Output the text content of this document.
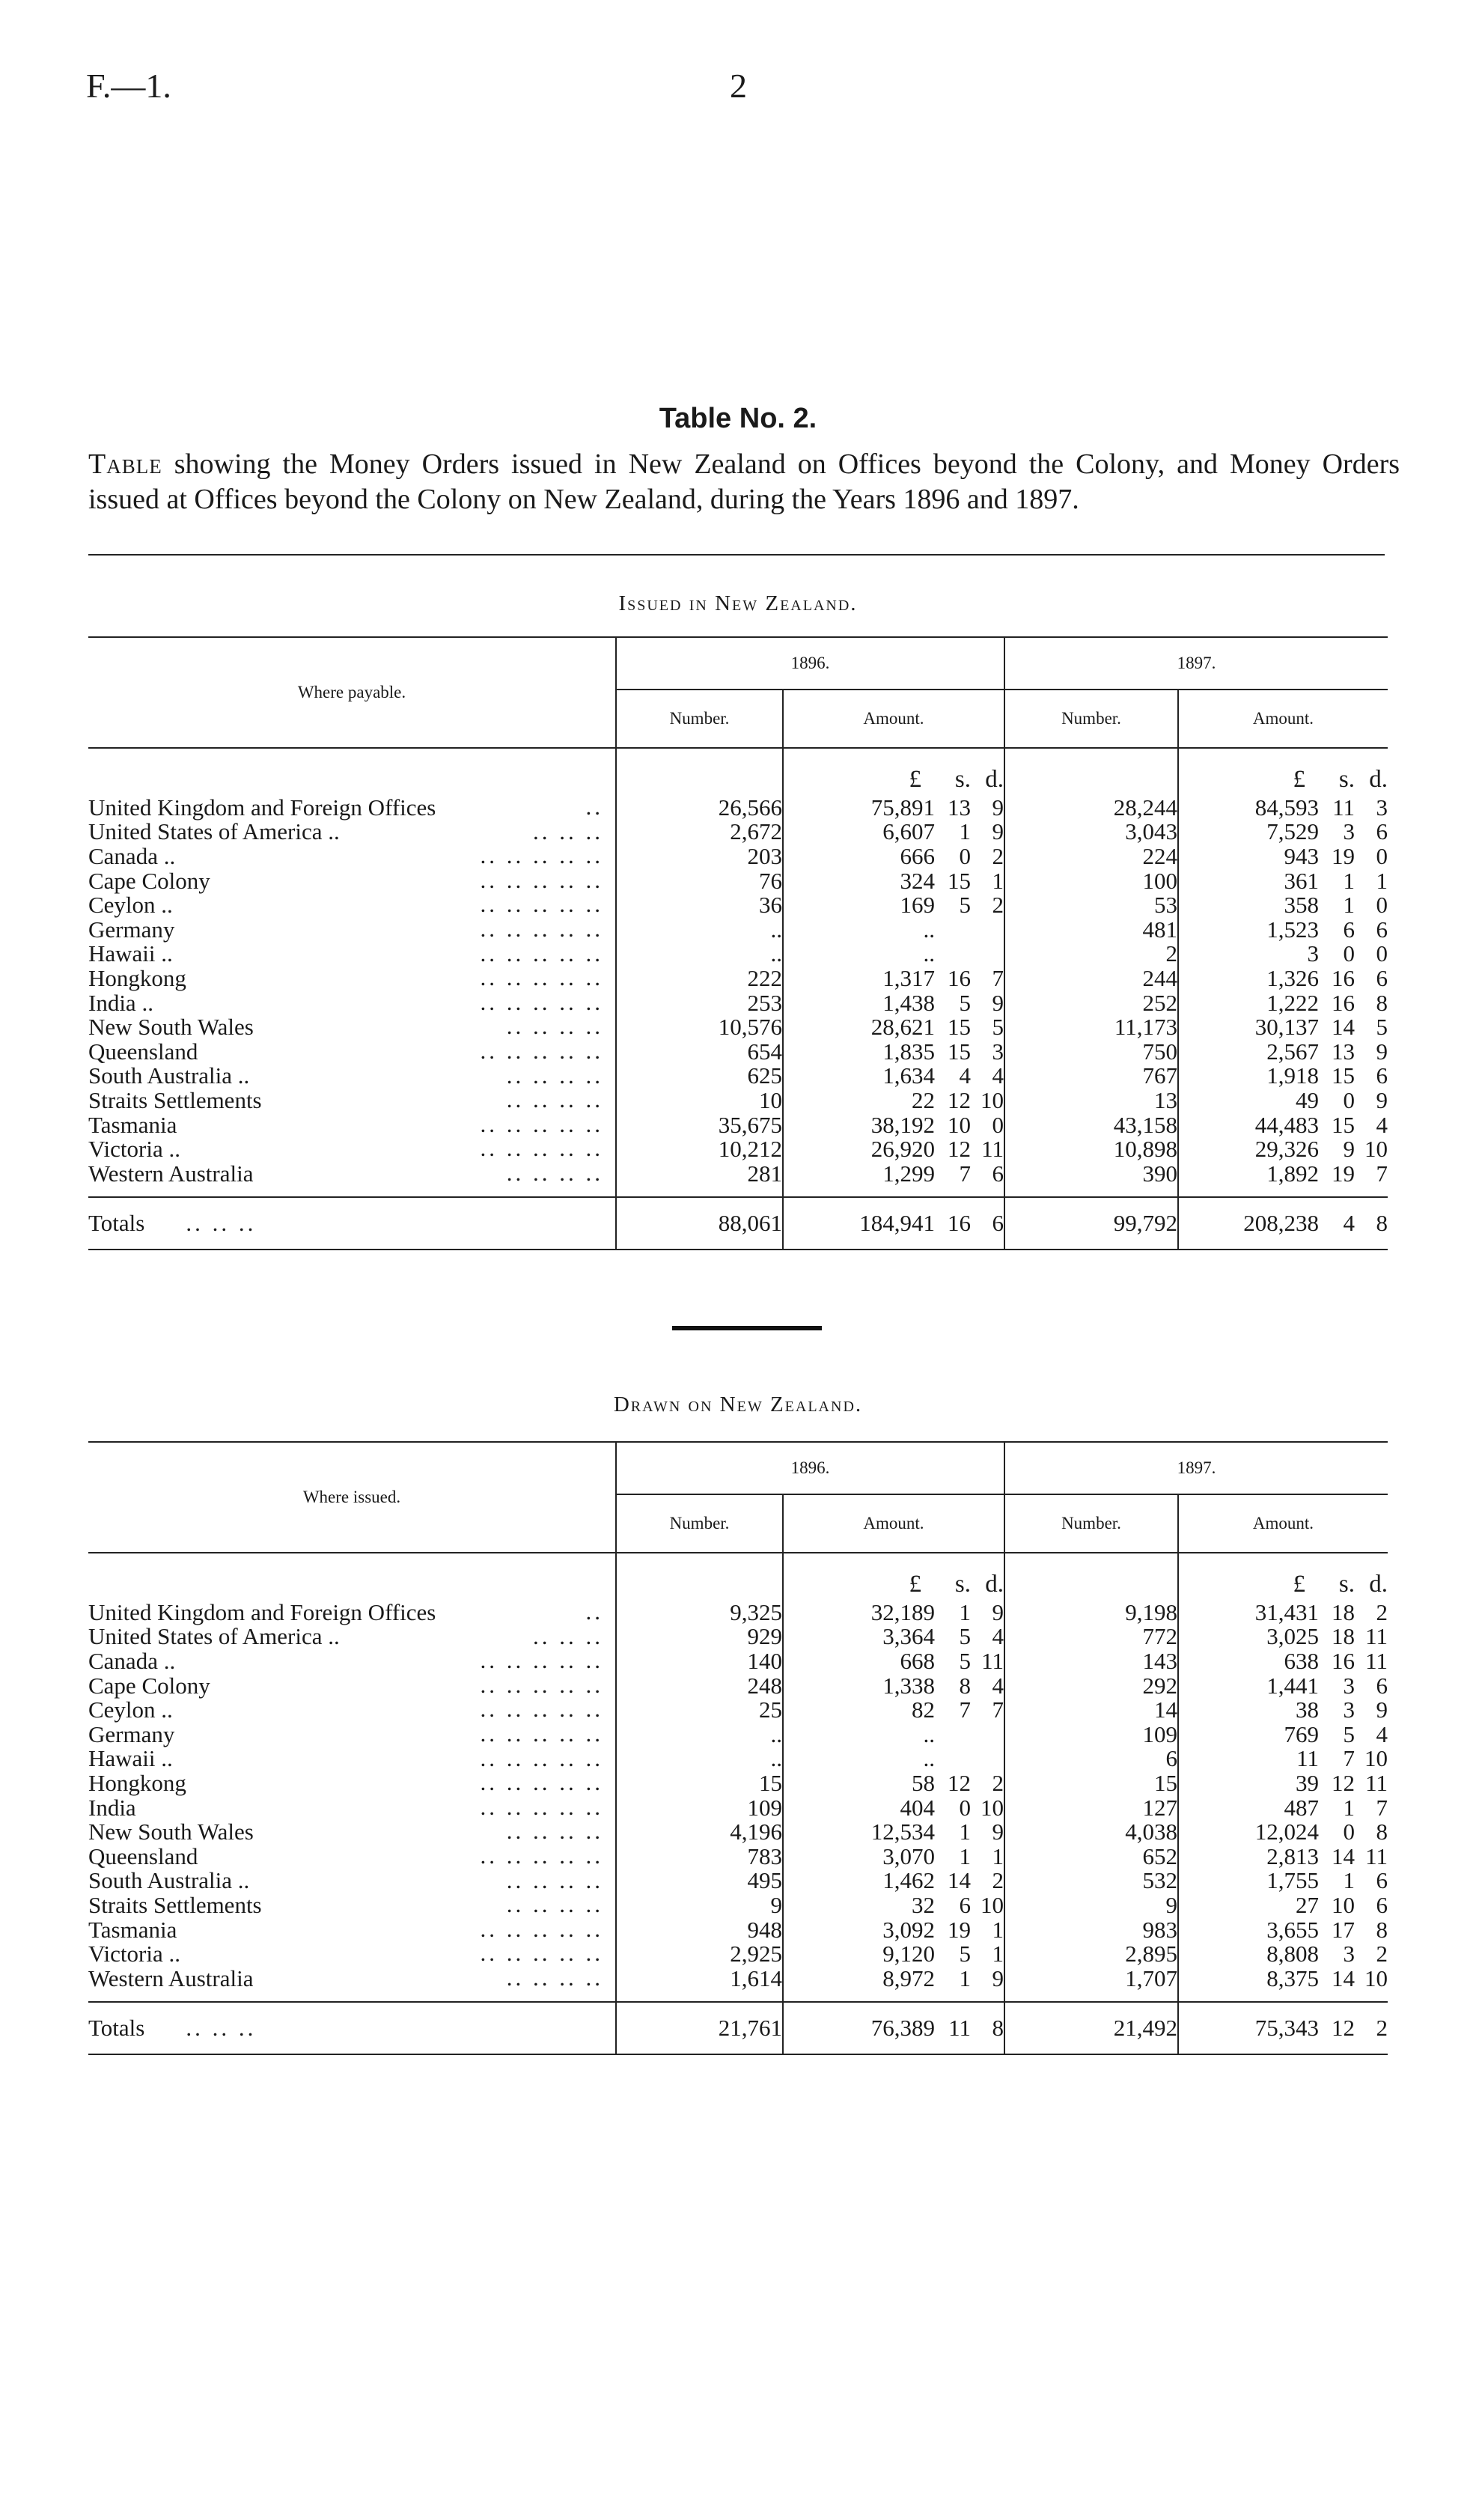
F.—1.	2
Table No. 2.
Table showing the Money Orders issued in New Zealand on Offices beyond the Colony, and Money Orders issued at Offices beyond the Colony on New Zealand, during the Years 1896 and 1897.
Issued in New Zealand.
Where payable.	1896.		1897.	
	Number.	Amount.	Number.	Amount.

		£ s. d.		£ s. d.

United Kingdom and Foreign Offices ..	26,566	75,891 13 9	28,244	84,593 11 3

United States of America .. .. .. ..	2,672	6,607 1 9	3,043	7,529 3 6

Canada .. .. .. .. .. ..	203	666 0 2	224	943 19 0

Cape Colony .. .. .. .. ..	76	324 15 1	100	361 1 1

Ceylon .. .. .. .. .. ..	36	169 5 2	53	358 1 0

Germany .. .. .. .. ..	..	..	481	1,523 6 6

Hawaii .. .. .. .. .. ..	..	..	2	3 0 0

Hongkong .. .. .. .. ..	222	1,317 16 7	244	1,326 16 6

India .. .. .. .. .. ..	253	1,438 5 9	252	1,222 16 8

New South Wales .. .. .. ..	10,576	28,621 15 5	11,173	30,137 14 5

Queensland .. .. .. .. ..	654	1,835 15 3	750	2,567 13 9

South Australia .. .. .. .. ..	625	1,634 4 4	767	1,918 15 6

Straits Settlements .. .. .. ..	10	22 12 10	13	49 0 9

Tasmania .. .. .. .. ..	35,675	38,192 10 0	43,158	44,483 15 4

Victoria .. .. .. .. .. ..	10,212	26,920 12 11	10,898	29,326 9 10

Western Australia .. .. .. ..	281	1,299 7 6	390	1,892 19 7

Totals .. .. ..	88,061	184,941 16 6	99,792	208,238 4 8
Drawn on New Zealand.
Where issued.	1896.		1897.	
	Number.	Amount.	Number.	Amount.

		£ s. d.		£ s. d.

United Kingdom and Foreign Offices ..	9,325	32,189 1 9	9,198	31,431 18 2

United States of America .. .. .. ..	929	3,364 5 4	772	3,025 18 11

Canada .. .. .. .. .. ..	140	668 5 11	143	638 16 11

Cape Colony .. .. .. .. ..	248	1,338 8 4	292	1,441 3 6

Ceylon .. .. .. .. .. ..	25	82 7 7	14	38 3 9

Germany .. .. .. .. ..	..	..	109	769 5 4

Hawaii .. .. .. .. .. ..	..	..	6	11 7 10

Hongkong .. .. .. .. ..	15	58 12 2	15	39 12 11

India .. .. .. .. ..	109	404 0 10	127	487 1 7

New South Wales .. .. .. ..	4,196	12,534 1 9	4,038	12,024 0 8

Queensland .. .. .. .. ..	783	3,070 1 1	652	2,813 14 11

South Australia .. .. .. .. ..	495	1,462 14 2	532	1,755 1 6

Straits Settlements .. .. .. ..	9	32 6 10	9	27 10 6

Tasmania .. .. .. .. ..	948	3,092 19 1	983	3,655 17 8

Victoria .. .. .. .. .. ..	2,925	9,120 5 1	2,895	8,808 3 2

Western Australia .. .. .. ..	1,614	8,972 1 9	1,707	8,375 14 10

Totals .. .. ..	21,761	76,389 11 8	21,492	75,343 12 2
